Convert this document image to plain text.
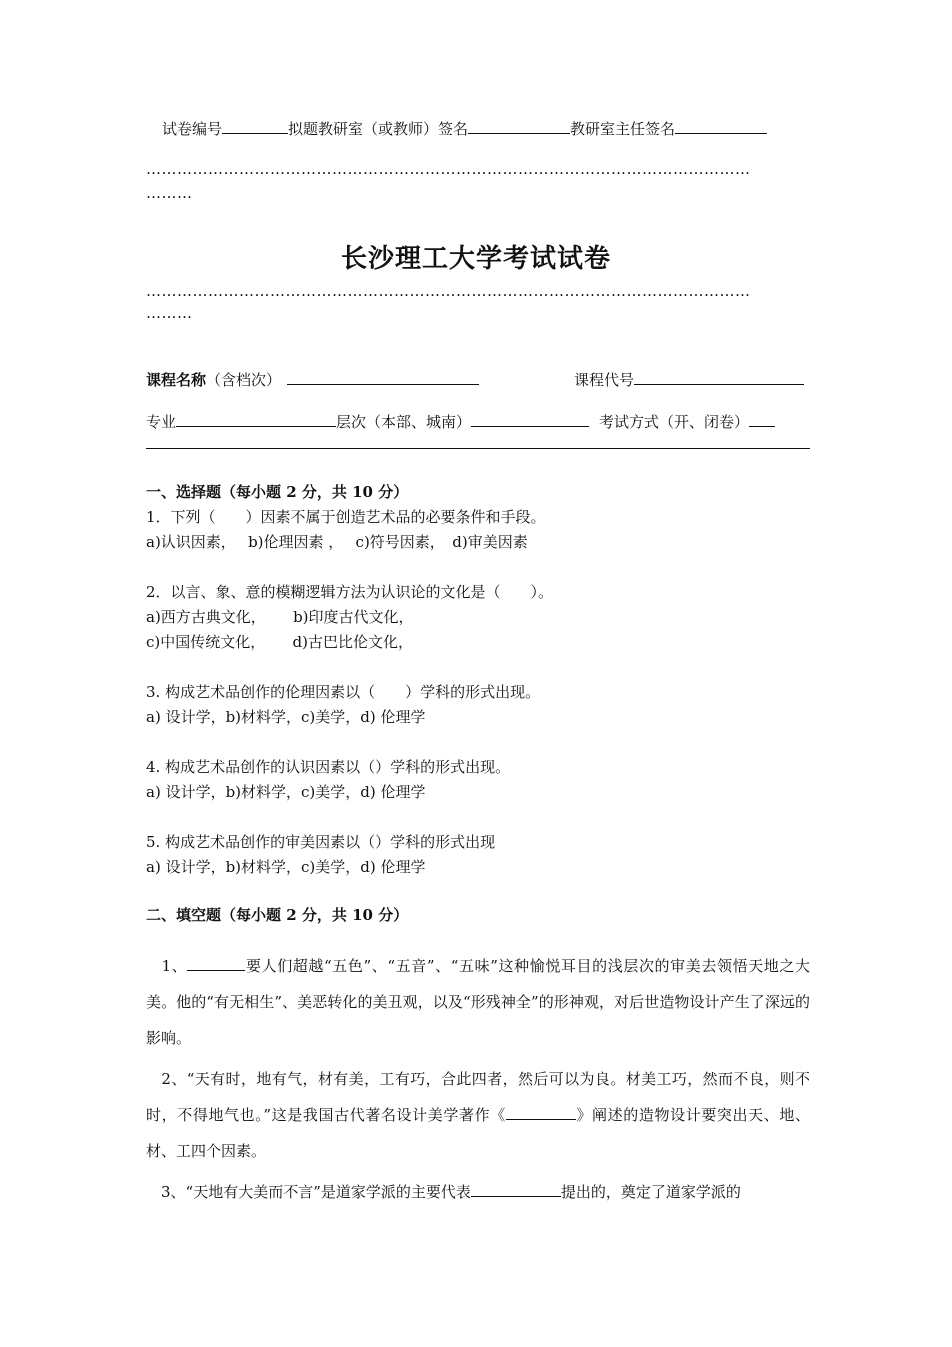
试卷编号	拟题教研室（或教师）签名	教研室主任签名
………………………………………………………………………………………………………
………
长沙理工大学考试试卷
………………………………………………………………………………………………………
………
课程名称（含档次）	课程代号
专业	层次（本部、城南）	考试方式（开、闭卷）
一、选择题（每小题 2 分，共 10 分）
1．下列（　　）因素不属于创造艺术品的必要条件和手段。
a)认识因素，　 b)伦理因素 ，　 c)符号因素，　d)审美因素
2．以言、象、意的模糊逻辑方法为认识论的文化是（　　）。
a)西方古典文化，　　 b)印度古代文化，
c)中国传统文化，　　 d)古巴比伦文化，
3. 构成艺术品创作的伦理因素以（　　）学科的形式出现。
a) 设计学，b)材料学，c)美学，d) 伦理学
4. 构成艺术品创作的认识因素以（）学科的形式出现。
a) 设计学，b)材料学，c)美学，d) 伦理学
5. 构成艺术品创作的审美因素以（）学科的形式出现
a) 设计学，b)材料学，c)美学，d) 伦理学
二、填空题（每小题 2 分，共 10 分）
　1、	要人们超越“五色”、“五音”、“五味”这种愉悦耳目的浅层次的审美去领悟天地之大美。他的“有无相生”、美恶转化的美丑观，以及“形残神全”的形神观，对后世造物设计产生了深远的影响。
　2、“天有时，地有气，材有美，工有巧，合此四者，然后可以为良。材美工巧，然而不良，则不时，不得地气也。”这是我国古代著名设计美学著作《	》阐述的造物设计要突出天、地、材、工四个因素。
　3、“天地有大美而不言”是道家学派的主要代表	提出的，奠定了道家学派的
